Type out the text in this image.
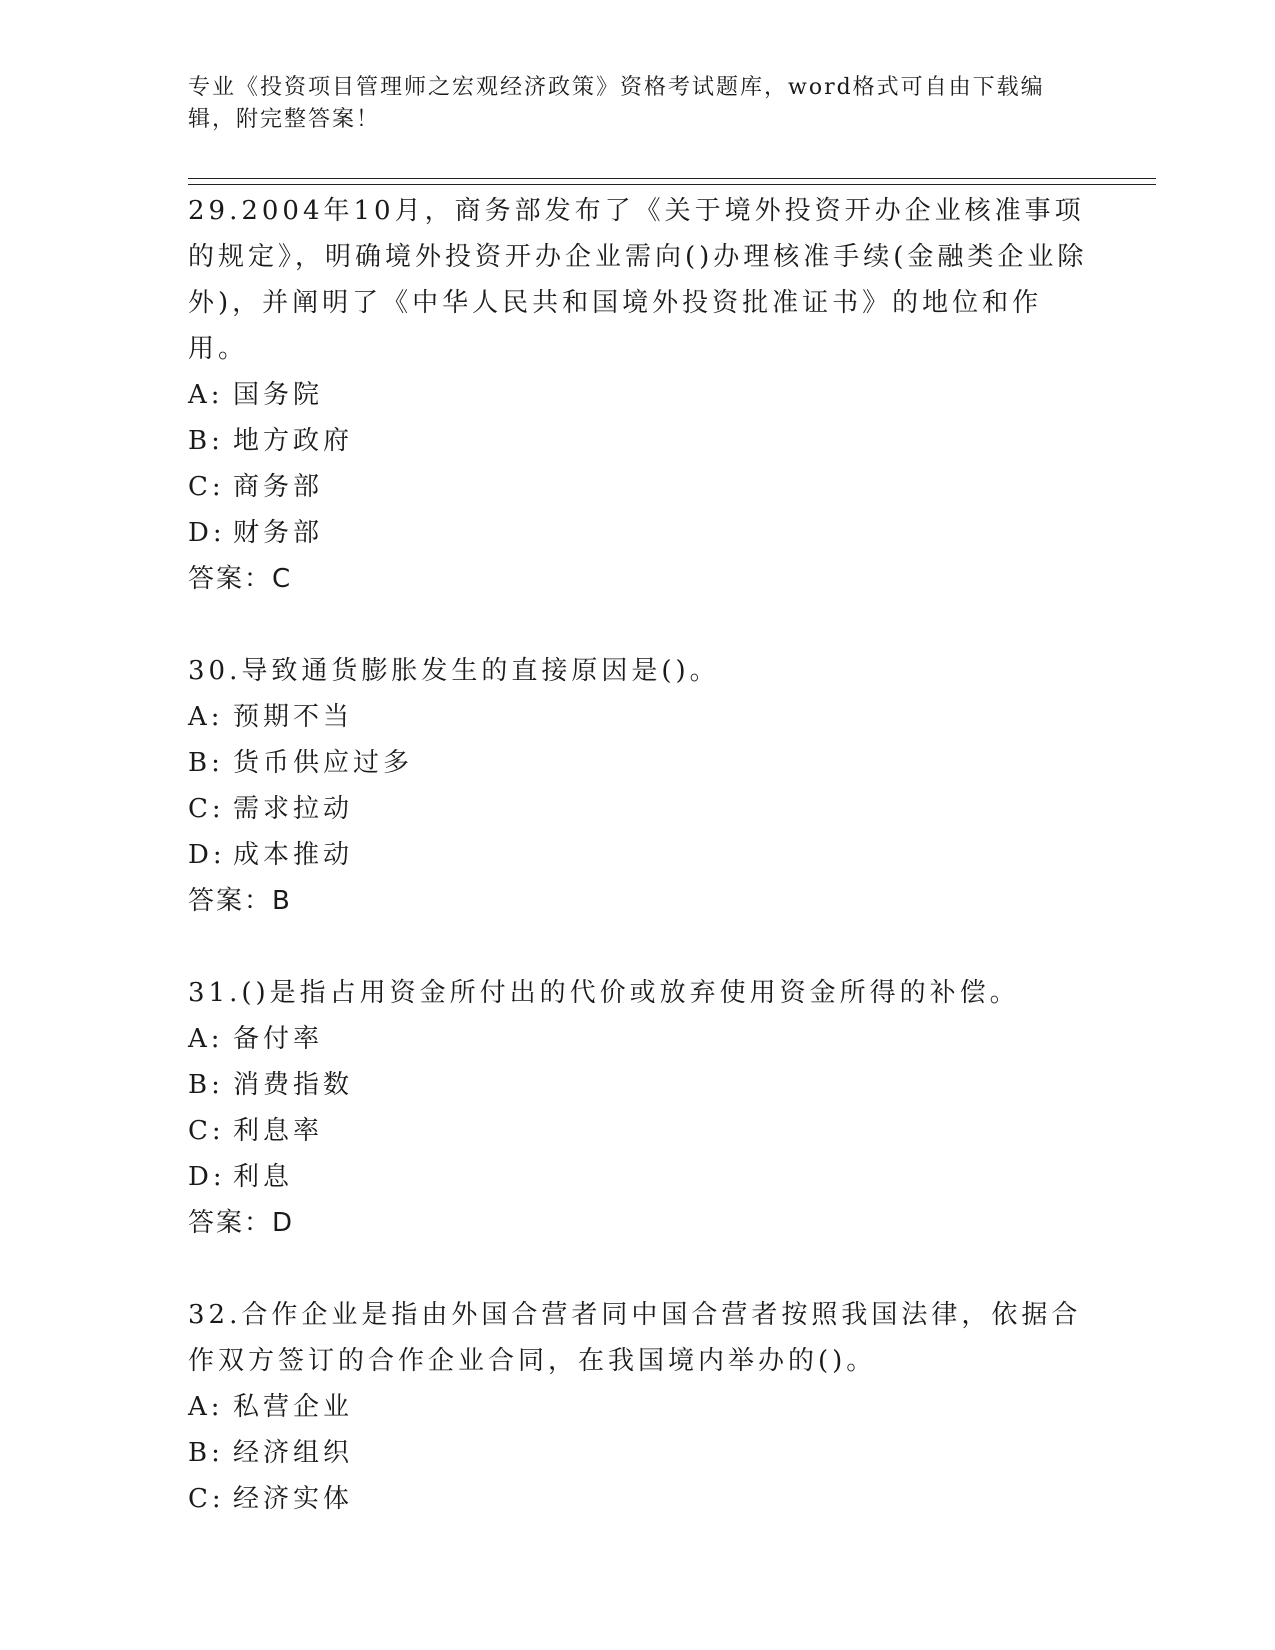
专业《投资项目管理师之宏观经济政策》资格考试题库，word格式可自由下载编辑，附完整答案！
29.2004年10月，商务部发布了《关于境外投资开办企业核准事项的规定》，明确境外投资开办企业需向()办理核准手续(金融类企业除外)，并阐明了《中华人民共和国境外投资批准证书》的地位和作用。
A: 国务院
B: 地方政府
C: 商务部
D: 财务部
答案：C
30.导致通货膨胀发生的直接原因是()。
A: 预期不当
B: 货币供应过多
C: 需求拉动
D: 成本推动
答案：B
31.()是指占用资金所付出的代价或放弃使用资金所得的补偿。
A: 备付率
B: 消费指数
C: 利息率
D: 利息
答案：D
32.合作企业是指由外国合营者同中国合营者按照我国法律，依据合作双方签订的合作企业合同，在我国境内举办的()。
A: 私营企业
B: 经济组织
C: 经济实体
